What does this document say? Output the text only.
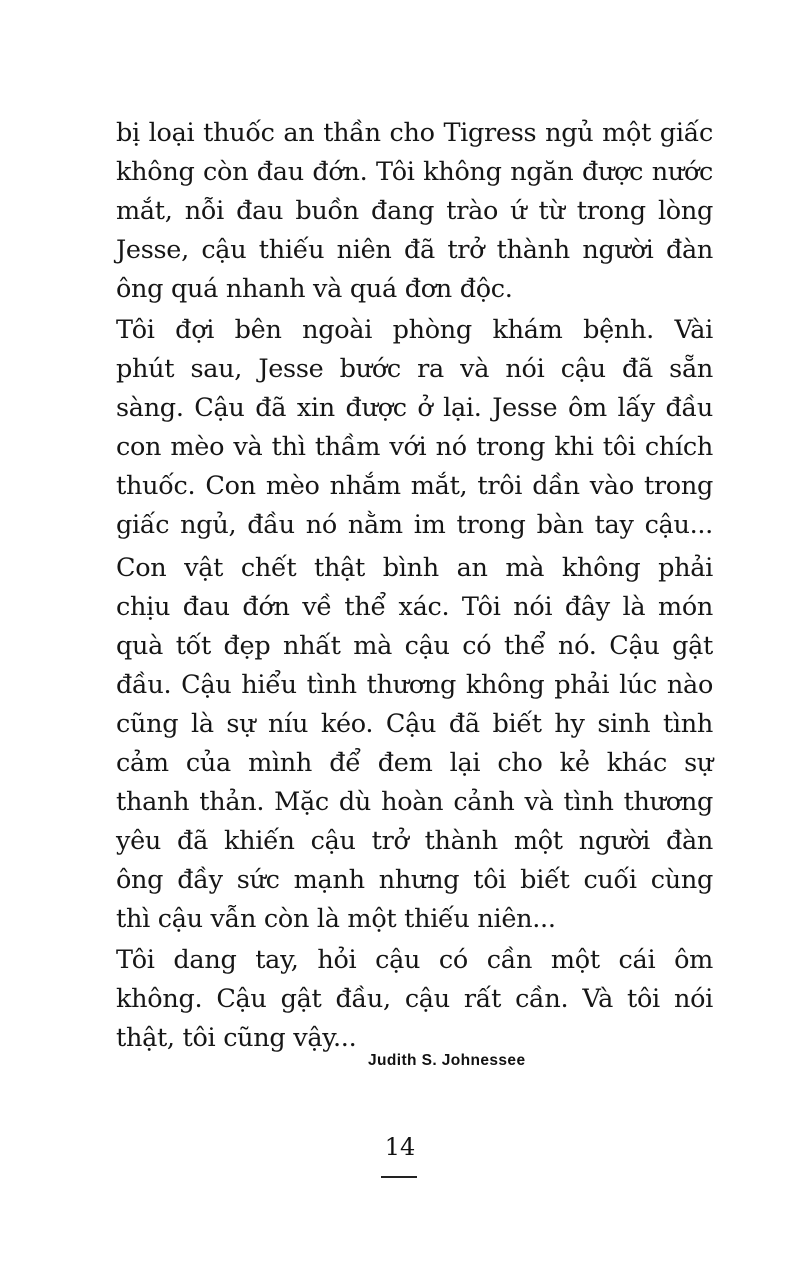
bị loại thuốc an thần cho Tigress ngủ một giấc
không còn đau đớn. Tôi không ngăn được nước
mắt, nỗi đau buồn đang trào ứ từ trong lòng
Jesse, cậu thiếu niên đã trở thành người đàn
ông quá nhanh và quá đơn độc.
Tôi đợi bên ngoài phòng khám bệnh. Vài
phút sau, Jesse bước ra và nói cậu đã sẵn
sàng. Cậu đã xin được ở lại. Jesse ôm lấy đầu
con mèo và thì thầm với nó trong khi tôi chích
thuốc. Con mèo nhắm mắt, trôi dần vào trong
giấc ngủ, đầu nó nằm im trong bàn tay cậu...
Con vật chết thật bình an mà không phải
chịu đau đớn về thể xác. Tôi nói đây là món
quà tốt đẹp nhất mà cậu có thể nó. Cậu gật
đầu. Cậu hiểu tình thương không phải lúc nào
cũng là sự níu kéo. Cậu đã biết hy sinh tình
cảm của mình để đem lại cho kẻ khác sự
thanh thản. Mặc dù hoàn cảnh và tình thương
yêu đã khiến cậu trở thành một người đàn
ông đầy sức mạnh nhưng tôi biết cuối cùng
thì cậu vẫn còn là một thiếu niên...
Tôi dang tay, hỏi cậu có cần một cái ôm
không. Cậu gật đầu, cậu rất cần. Và tôi nói
thật, tôi cũng vậy...
Judith S. Johnessee
14
